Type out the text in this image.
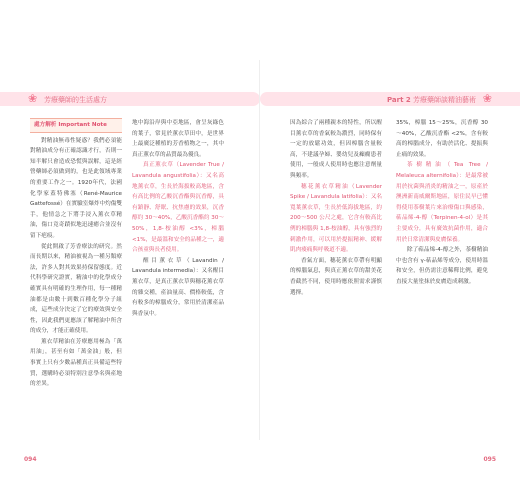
❀ 芳療藥師的生活處方
處方解析 Important Note

對精油無毒性疑惑？我們必須能對精油成分有正確認識才行，否則一知半解只會造成恐慌與誤解，這是經營藥師必須做到的，也是此領域專業的重要工作之一。1920年代，法國化學家蓋特佛塞（René-Maurice Gattefossé）在實驗室爆炸中灼傷雙手，他情急之下將手浸入薰衣草精油，傷口竟奇蹟似地迅速癒合並沒有留下疤痕。

從此開啟了芳香療法的研究。然而長期以來，精油被視為一種另類療法，許多人對其效果持保留態度。近代科學研究證實，精油中的化學成分確實具有明確的生理作用，每一種精油都是由數十到數百種化學分子組成，這些成分決定了它的療效與安全性，因此我們更應該了解精油中所含的成分，才能正確使用。

薰衣草精油在芳療應用極為「萬用油」，甚至有如「萬金油」般，但事實上只有少數品種真正具備這些特質，選購時必須特別注意學名與產地的差異。

地中海沿岸與中亞地區，會呈灰綠色的葉子，常見於薰衣草田中，是世界上最廣泛種植的芳香植物之一，其中真正薰衣草的品質最為優良。

真正薰衣草（Lavender True / Lavandula angustifolia）：又名高地薰衣草，生長於海拔較高地區，含有高比例的乙酸沉香酯與沉香醇，具有鎮靜、舒眠、抗焦慮的效果，沉香醇約 30～40%，乙酸沉香酯約 30～50%，1,8-桉油醇 <3%，樟腦 <1%，是最溫和安全的品種之一，適合孩童與長者使用。

醒目薰衣草（Lavandin / Lavandula intermedia）：又名醒目薰衣草，是真正薰衣草與穗花薰衣草的雜交種，產油量高、價格較低，含有較多的樟腦成分，常用於清潔產品與香氛中。

094
Part 2 芳療藥師談精油藝術 ❀

因為綜合了兩種親本的特性，所以醒目薰衣草的香氣較為濃烈，同時保有一定的放鬆功效，但因樟腦含量較高，不建議孕婦、嬰幼兒及癲癇患者使用，一般成人使用時也應注意劑量與頻率。

穗花薰衣草精油（Lavender Spike / Lavandula latifolia）：又名寬葉薰衣草，生長於低海拔地區，約 200～500 公尺之處，它含有較高比例的樟腦與 1,8-桉油醇，具有強烈的刺激作用，可以用於提振精神、緩解肌肉痠痛與呼吸道不適。

香氣方面，穗花薰衣草帶有明顯的樟腦氣息，與真正薰衣草的甜美花香截然不同，使用時應依照需求謹慎選擇。

35%，樟腦 15～25%，沉香醇 30～40%，乙酸沉香酯 <2%，含有較高的樟腦成分，有助於活化、提振與止痛的效果。

茶樹精油（Tea Tree / Melaleuca alternifolia）：是最常被用於抗菌與消炎的精油之一，原產於澳洲新南威爾斯地區，原住民早已懂得使用茶樹葉片來治療傷口與感染，萜品烯-4-醇（Terpinen-4-ol）是其主要成分，具有廣效抗菌作用，適合用於日常清潔與皮膚保養。

除了萜品烯-4-醇之外，茶樹精油中也含有 γ-萜品烯等成分，使用時溫和安全，但仍需注意稀釋比例，避免直接大量塗抹於皮膚造成刺激。

095
